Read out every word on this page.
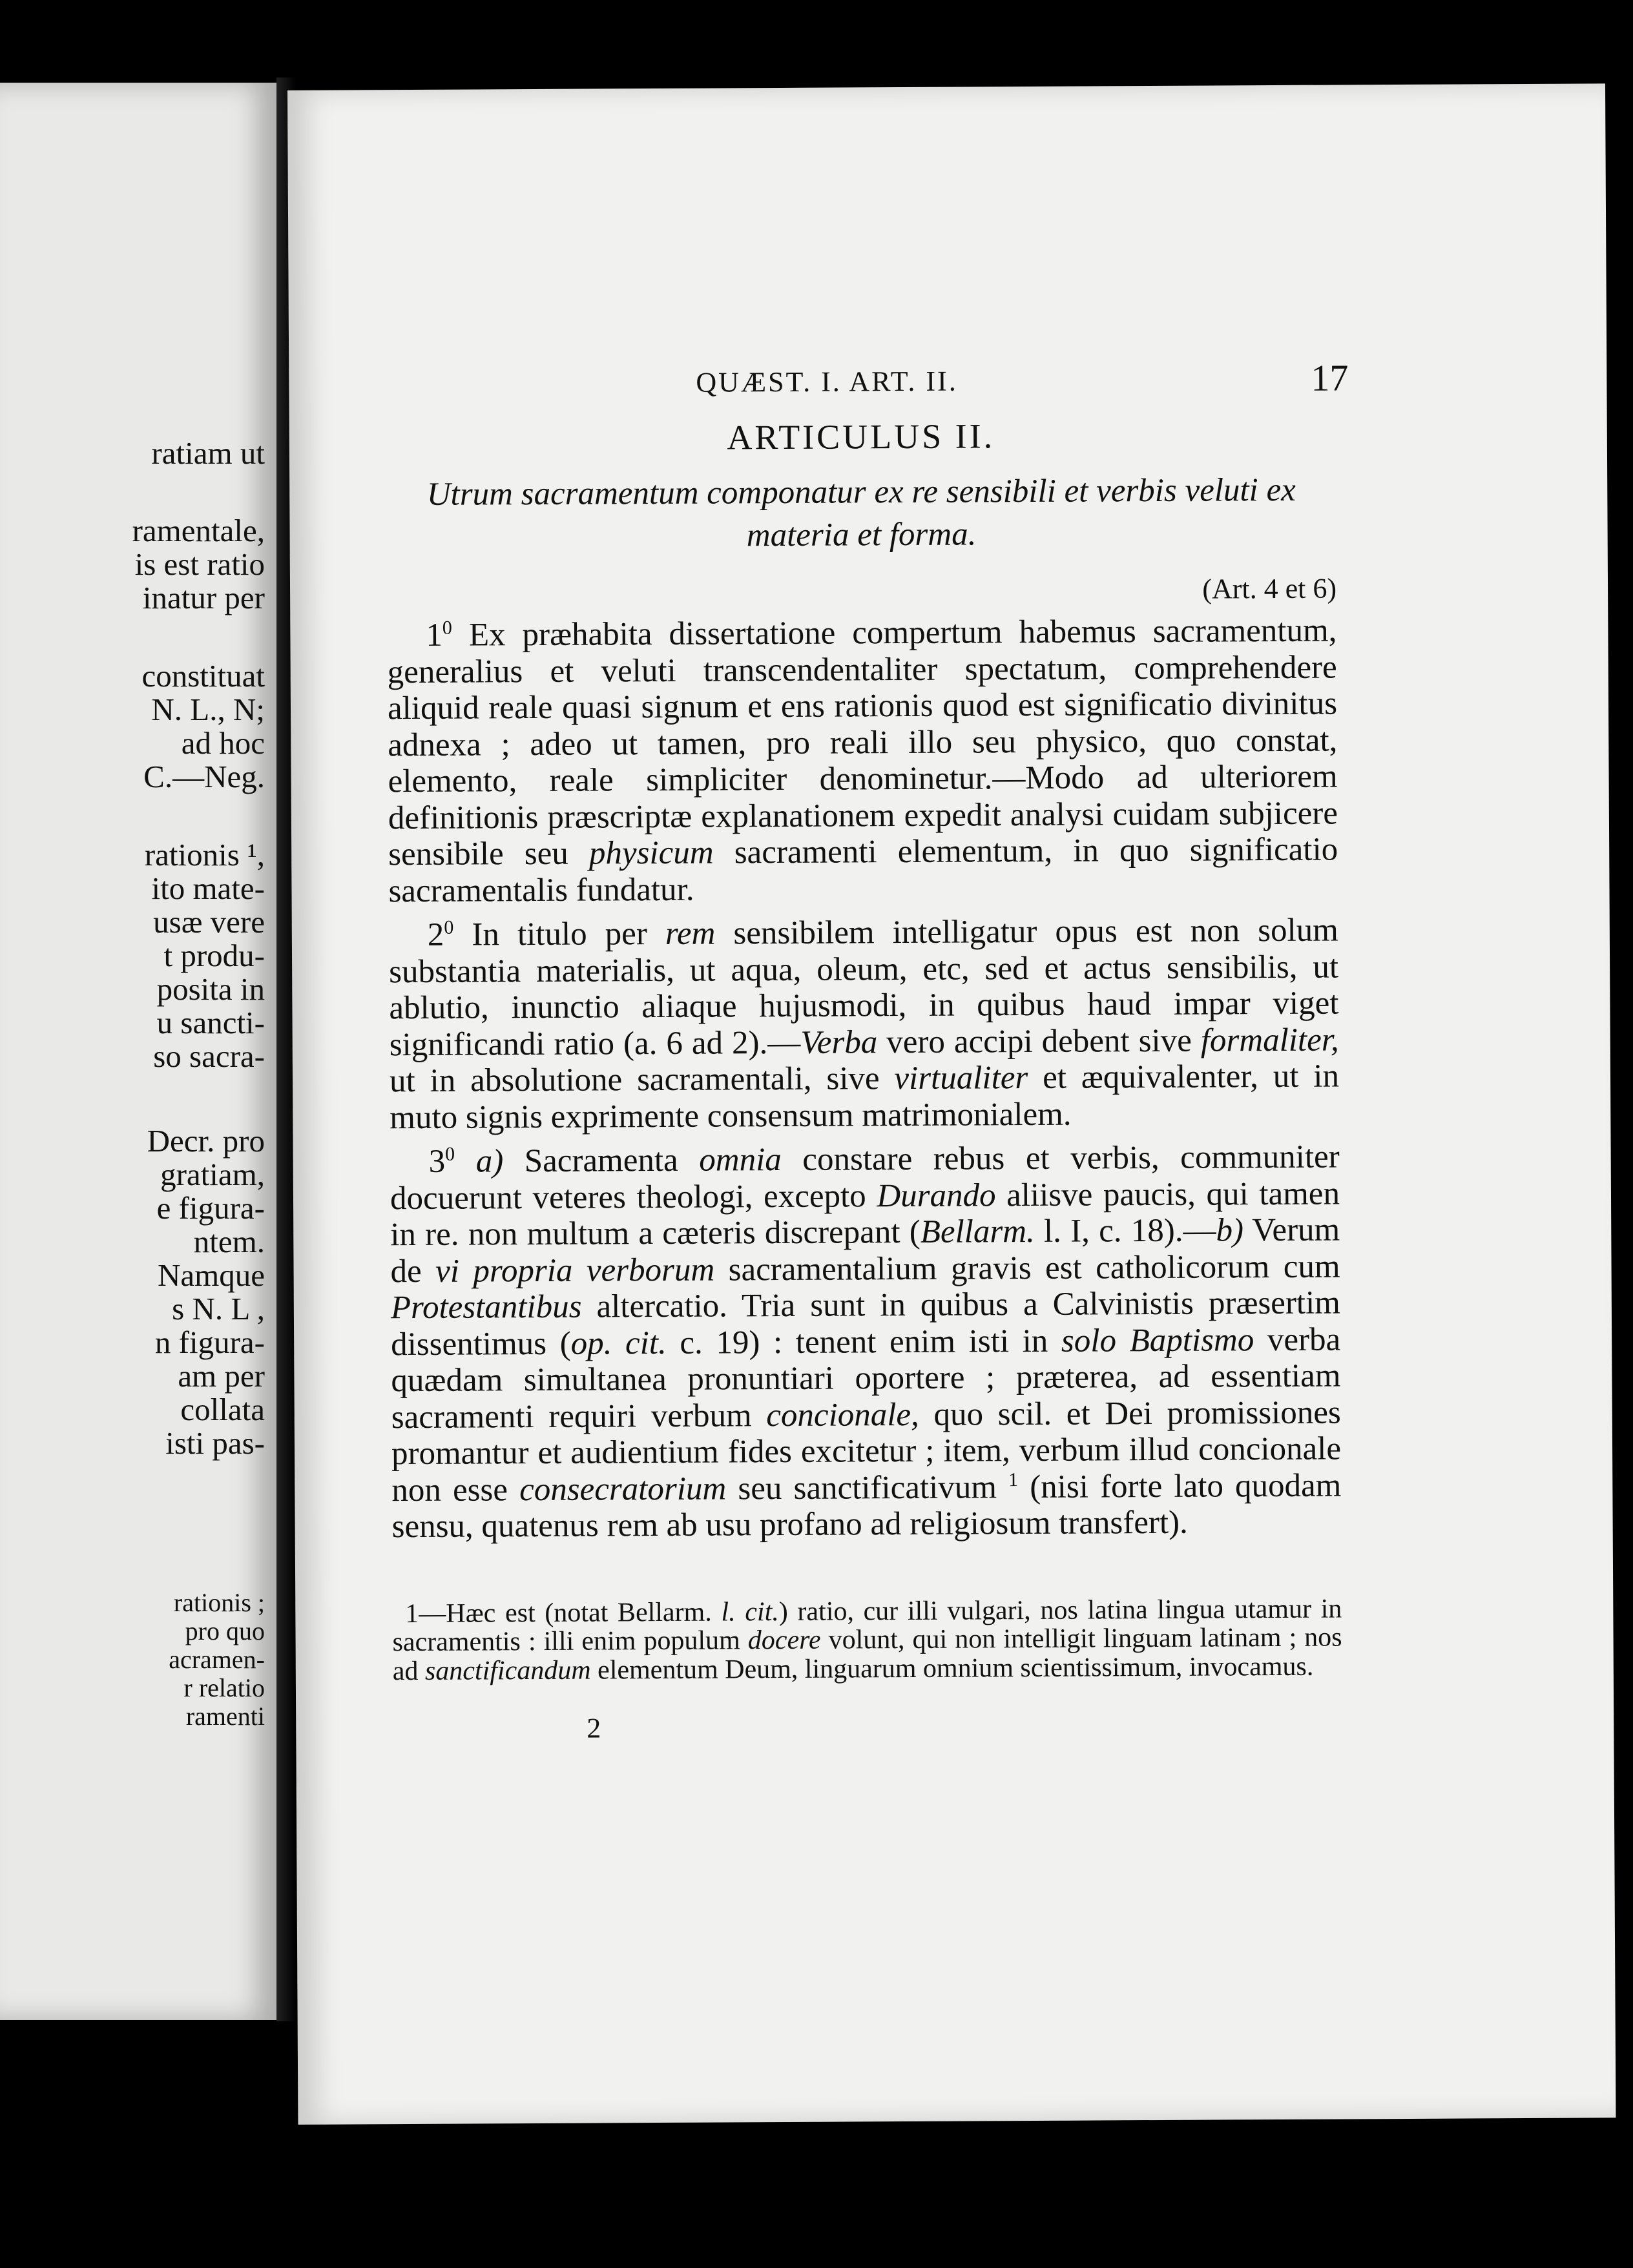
ratiam ut
ramentale,
is est ratio
inatur per
constituat
N. L., N;
ad hoc
C.—Neg.
rationis ¹,
ito mate-
usæ vere
t produ-
posita in
u sancti-
so sacra-
Decr. pro
gratiam,
e figura-
ntem.
Namque
s N. L ,
n figura-
am per
collata
isti pas-
rationis ;
pro quo
acramen-
r relatio
ramenti
QUÆST. I. ART. II.	17
ARTICULUS II.
Utrum sacramentum componatur ex re sensibili et verbis veluti ex materia et forma.
(Art. 4 et 6)

$1^0$ Ex præhabita dissertatione compertum habemus sacramentum, generalius et veluti transcendentaliter spectatum, comprehendere aliquid reale quasi signum et ens rationis quod est significatio divinitus adnexa ; adeo ut tamen, pro reali illo seu physico, quo constat, elemento, reale simpliciter denominetur.—Modo ad ulteriorem definitionis præscriptæ explanationem expedit analysi cuidam subjicere sensibile seu physicum sacramenti elementum, in quo significatio sacramentalis fundatur.

$2^0$ In titulo per rem sensibilem intelligatur opus est non solum substantia materialis, ut aqua, oleum, etc, sed et actus sensibilis, ut ablutio, inunctio aliaque hujusmodi, in quibus haud impar viget significandi ratio (a. 6 ad 2).—Verba vero accipi debent sive formaliter, ut in absolutione sacramentali, sive virtualiter et æquivalenter, ut in muto signis exprimente consensum matrimonialem.

$3^0$ a) Sacramenta omnia constare rebus et verbis, communiter docuerunt veteres theologi, excepto Durando aliisve paucis, qui tamen in re. non multum a cæteris discrepant (Bellarm. l. I, c. 18).—b) Verum de vi propria verborum sacramentalium gravis est catholicorum cum Protestantibus altercatio. Tria sunt in quibus a Calvinistis præsertim dissentimus (op. cit. c. 19) : tenent enim isti in solo Baptismo verba quædam simultanea pronuntiari oportere ; præterea, ad essentiam sacramenti requiri verbum concionale, quo scil. et Dei promissiones promantur et audientium fides excitetur ; item, verbum illud concionale non esse consecratorium seu sanctificativum $^1$ (nisi forte lato quodam sensu, quatenus rem ab usu profano ad religiosum transfert).

1—Hæc est (notat Bellarm. l. cit.) ratio, cur illi vulgari, nos latina lingua utamur in sacramentis : illi enim populum docere volunt, qui non intelligit linguam latinam ; nos ad sanctificandum elementum Deum, linguarum omnium scientissimum, invocamus.

2
